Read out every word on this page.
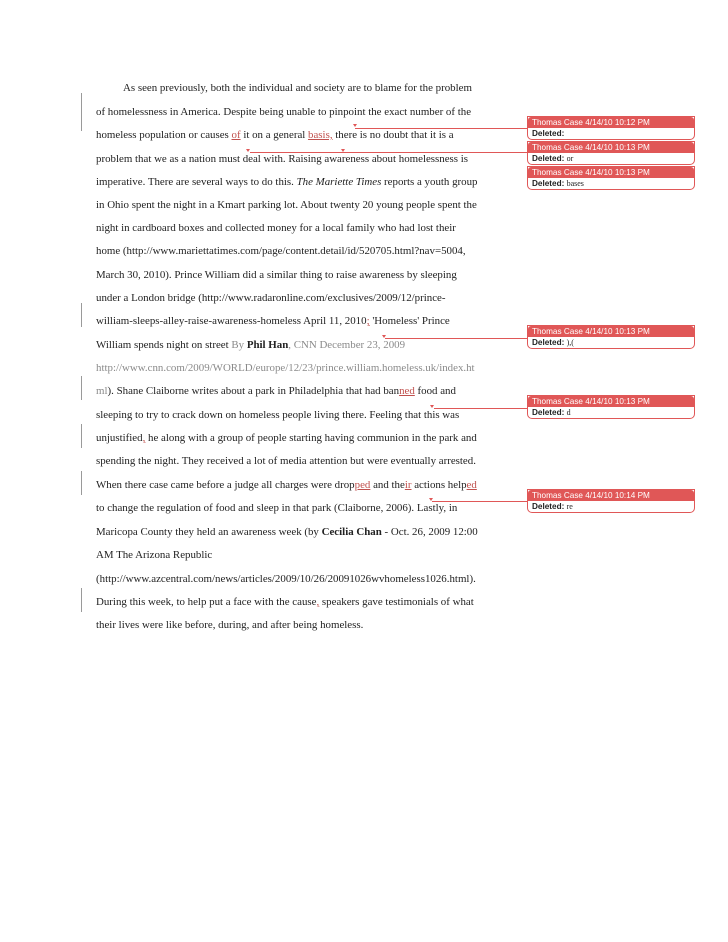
As seen previously, both the individual and society are to blame for the problem
of homelessness in America. Despite being unable to pinpoint the exact number of the
homeless population or causes of it on a general basis, there is no doubt that it is a
problem that we as a nation must deal with. Raising awareness about homelessness is
imperative. There are several ways to do this. The Mariette Times reports a youth group
in Ohio spent the night in a Kmart parking lot. About twenty 20 young people spent the
night in cardboard boxes and collected money for a local family who had lost their
home (http://www.mariettatimes.com/page/content.detail/id/520705.html?nav=5004,
March 30, 2010). Prince William did a similar thing to raise awareness by sleeping
under a London bridge (http://www.radaronline.com/exclusives/2009/12/prince-
william-sleeps-alley-raise-awareness-homeless April 11, 2010; 'Homeless' Prince
William spends night on street By Phil Han, CNN December 23, 2009
http://www.cnn.com/2009/WORLD/europe/12/23/prince.william.homeless.uk/index.ht
ml). Shane Claiborne writes about a park in Philadelphia that had banned food and
sleeping to try to crack down on homeless people living there. Feeling that this was
unjustified, he along with a group of people starting having communion in the park and
spending the night. They received a lot of media attention but were eventually arrested.
When there case came before a judge all charges were dropped and their actions helped
to change the regulation of food and sleep in that park (Claiborne, 2006). Lastly, in
Maricopa County they held an awareness week (by Cecilia Chan - Oct. 26, 2009 12:00
AM The Arizona Republic
(http://www.azcentral.com/news/articles/2009/10/26/20091026wvhomeless1026.html).
During this week, to help put a face with the cause, speakers gave testimonials of what
their lives were like before, during, and after being homeless.
Thomas Case 4/14/10 10:12 PM
Deleted:
Thomas Case 4/14/10 10:13 PM
Deleted: or
Thomas Case 4/14/10 10:13 PM
Deleted: bases
Thomas Case 4/14/10 10:13 PM
Deleted: ),(
Thomas Case 4/14/10 10:13 PM
Deleted: d
Thomas Case 4/14/10 10:14 PM
Deleted: re
